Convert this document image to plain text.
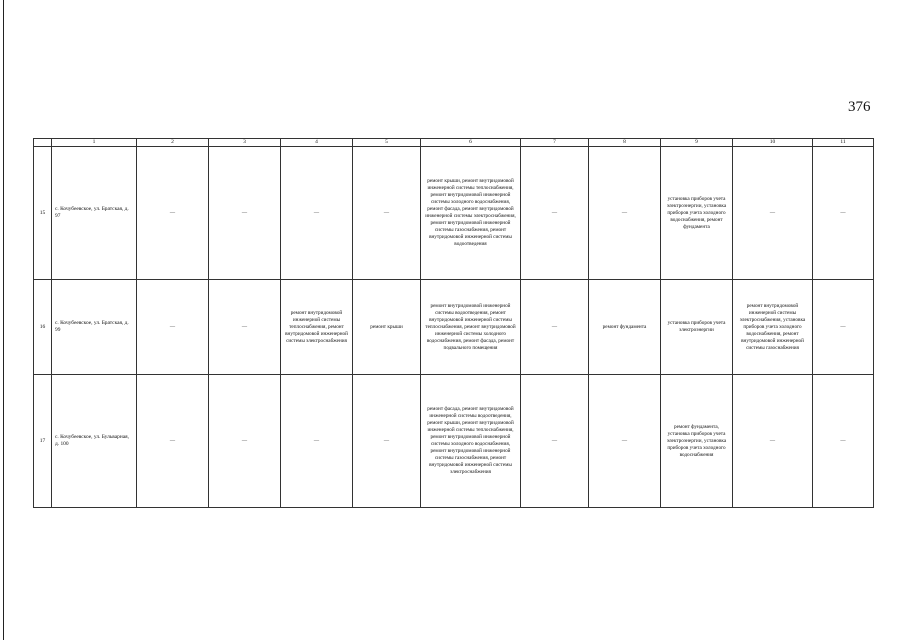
376
	1	2	3	4	5	6	7	8	9	10	11
15	с. Кочубеевское, ул. Братская, д. 97	—	—	—	—	ремонт крыши, ремонт внутридомовой инженерной системы теплоснабжения, ремонт внутридомовой инженерной системы холодного водоснабжения, ремонт фасада, ремонт внутридомовой инженерной системы электроснабжения, ремонт внутридомовой инженерной системы газоснабжения, ремонт внутридомовой инженерной системы водоотведения	—	—	установка приборов учета электроэнергии, установка приборов учета холодного водоснабжения, ремонт фундамента	—	—
16	с. Кочубеевское, ул. Братская, д. 99	—	—	ремонт внутридомовой инженерной системы теплоснабжения, ремонт внутридомовой инженерной системы электроснабжения	ремонт крыши	ремонт внутридомовой инженерной системы водоотведения, ремонт внутридомовой инженерной системы теплоснабжения, ремонт внутридомовой инженерной системы холодного водоснабжения, ремонт фасада, ремонт подвального помещения	—	ремонт фундамента	установка приборов учета электроэнергии	ремонт внутридомовой инженерной системы электроснабжения, установка приборов учета холодного водоснабжения, ремонт внутридомовой инженерной системы газоснабжения	—
17	с. Кочубеевское, ул. Бульварная, д. 100	—	—	—	—	ремонт фасада, ремонт внутридомовой инженерной системы водоотведения, ремонт крыши, ремонт внутридомовой инженерной системы теплоснабжения, ремонт внутридомовой инженерной системы холодного водоснабжения, ремонт внутридомовой инженерной системы газоснабжения, ремонт внутридомовой инженерной системы электроснабжения	—	—	ремонт фундамента, установка приборов учета электроэнергии, установка приборов учета холодного водоснабжения	—	—
